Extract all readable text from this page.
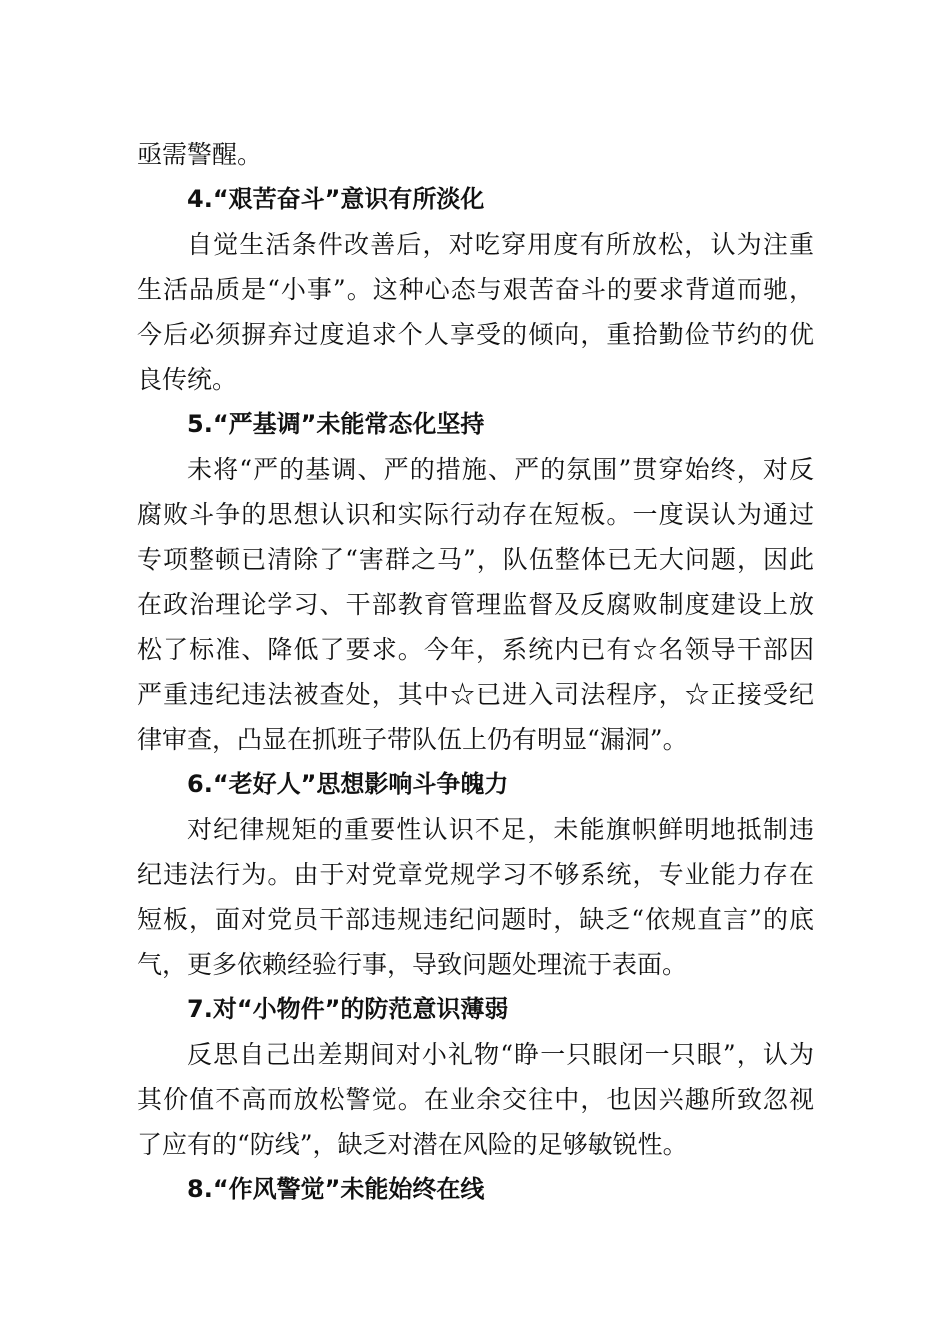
亟需警醒。
4.“艰苦奋斗”意识有所淡化
自觉生活条件改善后，对吃穿用度有所放松，认为注重
生活品质是“小事”。这种心态与艰苦奋斗的要求背道而驰，
今后必须摒弃过度追求个人享受的倾向，重拾勤俭节约的优
良传统。
5.“严基调”未能常态化坚持
未将“严的基调、严的措施、严的氛围”贯穿始终，对反
腐败斗争的思想认识和实际行动存在短板。一度误认为通过
专项整顿已清除了“害群之马”，队伍整体已无大问题，因此
在政治理论学习、干部教育管理监督及反腐败制度建设上放
松了标准、降低了要求。今年，系统内已有☆名领导干部因
严重违纪违法被查处，其中☆已进入司法程序，☆正接受纪
律审查，凸显在抓班子带队伍上仍有明显“漏洞”。
6.“老好人”思想影响斗争魄力
对纪律规矩的重要性认识不足，未能旗帜鲜明地抵制违
纪违法行为。由于对党章党规学习不够系统，专业能力存在
短板，面对党员干部违规违纪问题时，缺乏“依规直言”的底
气，更多依赖经验行事，导致问题处理流于表面。
7.对“小物件”的防范意识薄弱
反思自己出差期间对小礼物“睁一只眼闭一只眼”，认为
其价值不高而放松警觉。在业余交往中，也因兴趣所致忽视
了应有的“防线”，缺乏对潜在风险的足够敏锐性。
8.“作风警觉”未能始终在线
